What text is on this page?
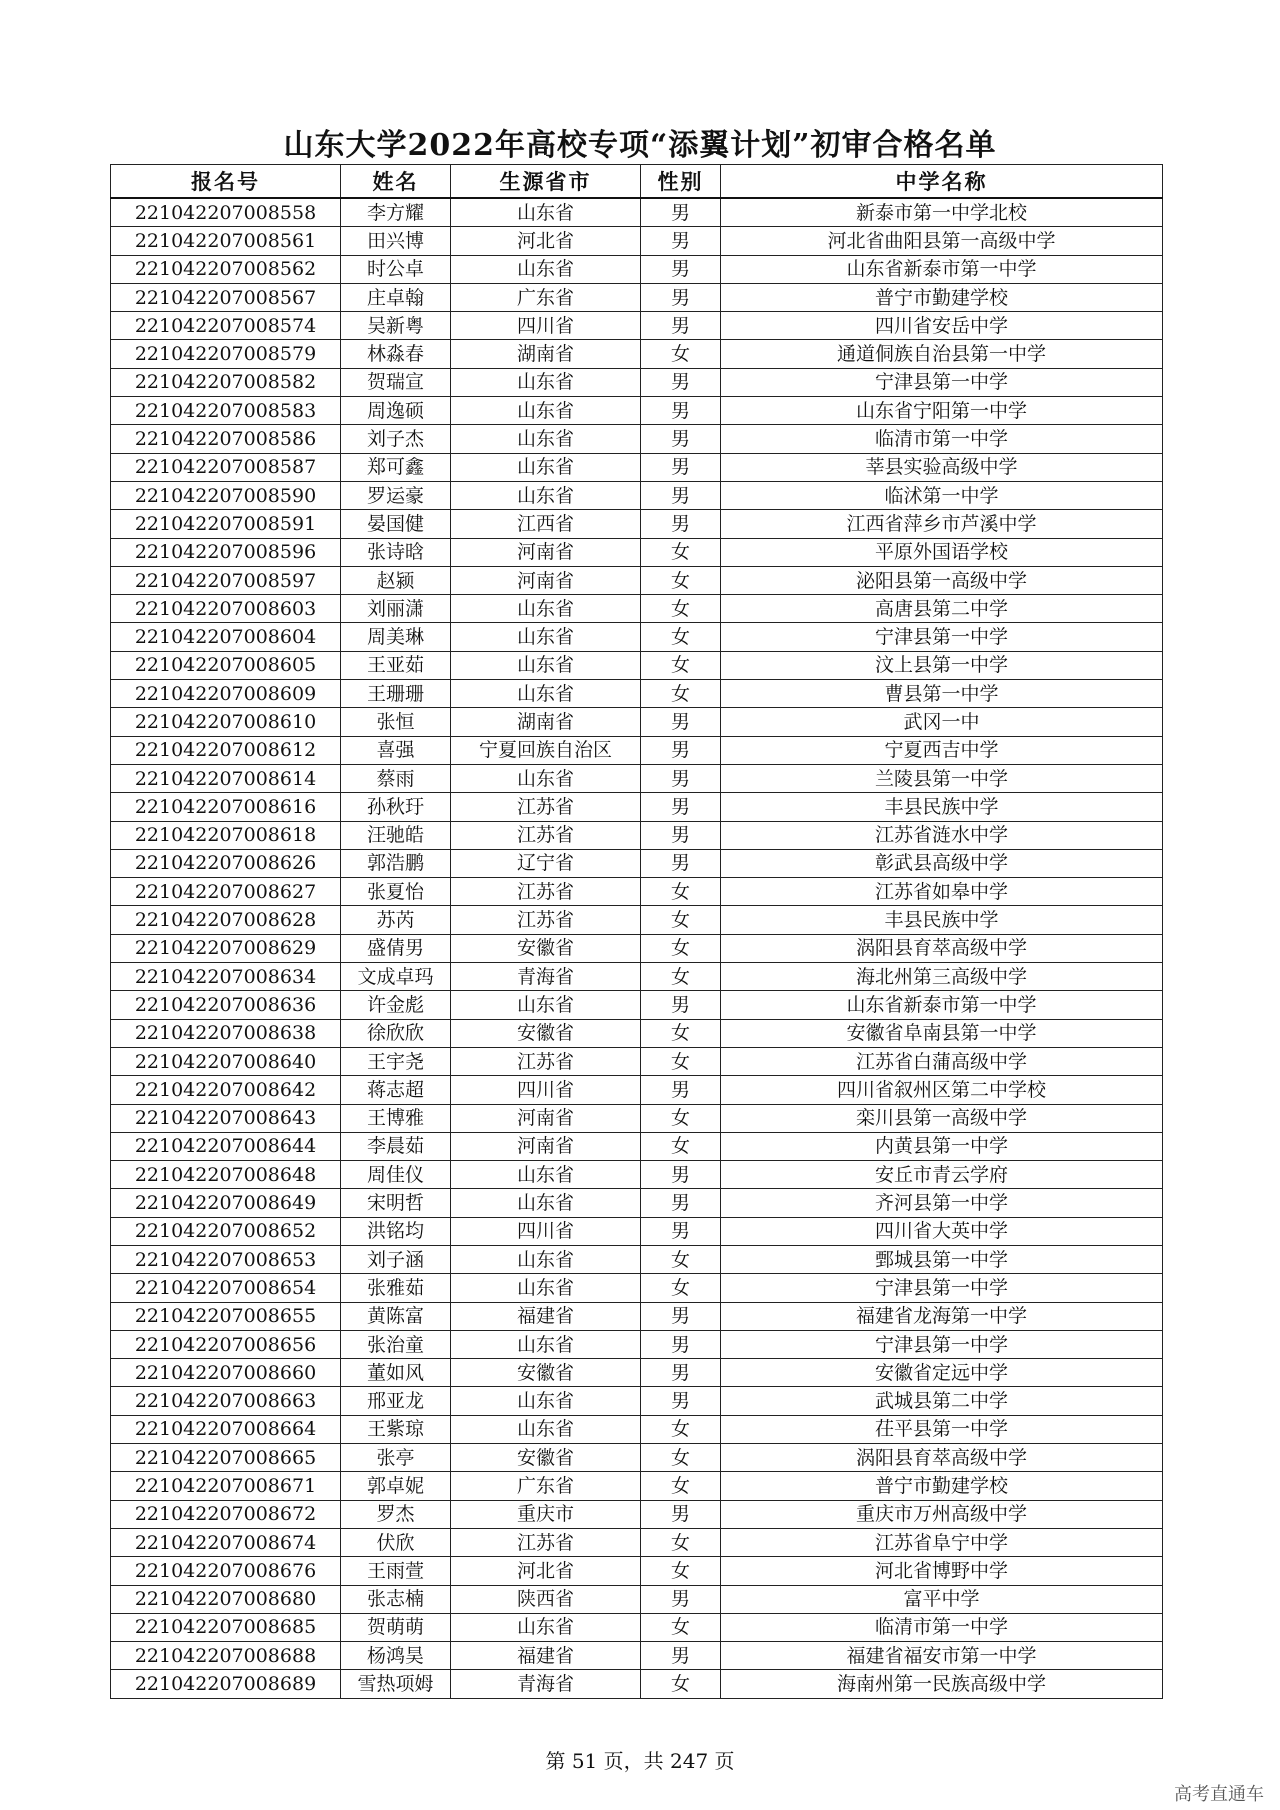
山东大学2022年高校专项“添翼计划”初审合格名单
报名号	姓名	生源省市	性别	中学名称
221042207008558	李方耀	山东省	男	新泰市第一中学北校
221042207008561	田兴博	河北省	男	河北省曲阳县第一高级中学
221042207008562	时公卓	山东省	男	山东省新泰市第一中学
221042207008567	庄卓翰	广东省	男	普宁市勤建学校
221042207008574	吴新粤	四川省	男	四川省安岳中学
221042207008579	林淼春	湖南省	女	通道侗族自治县第一中学
221042207008582	贺瑞宣	山东省	男	宁津县第一中学
221042207008583	周逸硕	山东省	男	山东省宁阳第一中学
221042207008586	刘子杰	山东省	男	临清市第一中学
221042207008587	郑可鑫	山东省	男	莘县实验高级中学
221042207008590	罗运豪	山东省	男	临沭第一中学
221042207008591	晏国健	江西省	男	江西省萍乡市芦溪中学
221042207008596	张诗晗	河南省	女	平原外国语学校
221042207008597	赵颍	河南省	女	泌阳县第一高级中学
221042207008603	刘丽潇	山东省	女	高唐县第二中学
221042207008604	周美琳	山东省	女	宁津县第一中学
221042207008605	王亚茹	山东省	女	汶上县第一中学
221042207008609	王珊珊	山东省	女	曹县第一中学
221042207008610	张恒	湖南省	男	武冈一中
221042207008612	喜强	宁夏回族自治区	男	宁夏西吉中学
221042207008614	蔡雨	山东省	男	兰陵县第一中学
221042207008616	孙秋玗	江苏省	男	丰县民族中学
221042207008618	汪驰皓	江苏省	男	江苏省涟水中学
221042207008626	郭浩鹏	辽宁省	男	彰武县高级中学
221042207008627	张夏怡	江苏省	女	江苏省如皋中学
221042207008628	苏芮	江苏省	女	丰县民族中学
221042207008629	盛倩男	安徽省	女	涡阳县育萃高级中学
221042207008634	文成卓玛	青海省	女	海北州第三高级中学
221042207008636	许金彪	山东省	男	山东省新泰市第一中学
221042207008638	徐欣欣	安徽省	女	安徽省阜南县第一中学
221042207008640	王宇尧	江苏省	女	江苏省白蒲高级中学
221042207008642	蒋志超	四川省	男	四川省叙州区第二中学校
221042207008643	王博雅	河南省	女	栾川县第一高级中学
221042207008644	李晨茹	河南省	女	内黄县第一中学
221042207008648	周佳仪	山东省	男	安丘市青云学府
221042207008649	宋明哲	山东省	男	齐河县第一中学
221042207008652	洪铭均	四川省	男	四川省大英中学
221042207008653	刘子涵	山东省	女	鄄城县第一中学
221042207008654	张雅茹	山东省	女	宁津县第一中学
221042207008655	黄陈富	福建省	男	福建省龙海第一中学
221042207008656	张治童	山东省	男	宁津县第一中学
221042207008660	董如风	安徽省	男	安徽省定远中学
221042207008663	邢亚龙	山东省	男	武城县第二中学
221042207008664	王紫琼	山东省	女	茌平县第一中学
221042207008665	张亭	安徽省	女	涡阳县育萃高级中学
221042207008671	郭卓妮	广东省	女	普宁市勤建学校
221042207008672	罗杰	重庆市	男	重庆市万州高级中学
221042207008674	伏欣	江苏省	女	江苏省阜宁中学
221042207008676	王雨萱	河北省	女	河北省博野中学
221042207008680	张志楠	陕西省	男	富平中学
221042207008685	贺萌萌	山东省	女	临清市第一中学
221042207008688	杨鸿昊	福建省	男	福建省福安市第一中学
221042207008689	雪热项姆	青海省	女	海南州第一民族高级中学
第 51 页，共 247 页
高考直通车
